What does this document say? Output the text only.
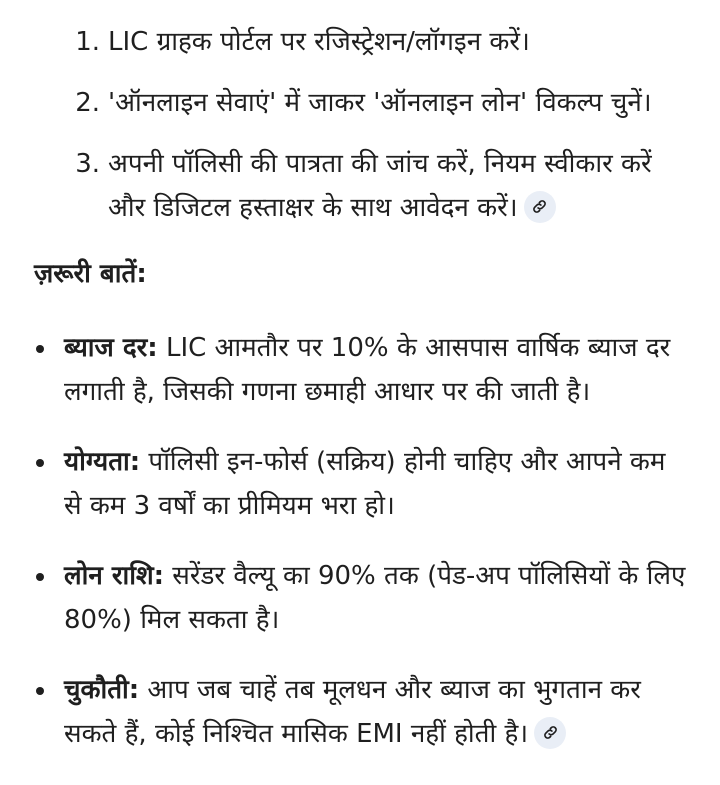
1. LIC ग्राहक पोर्टल पर रजिस्ट्रेशन/लॉगइन करें।
2. 'ऑनलाइन सेवाएं' में जाकर 'ऑनलाइन लोन' विकल्प चुनें।
3. अपनी पॉलिसी की पात्रता की जांच करें, नियम स्वीकार करें और डिजिटल हस्ताक्षर के साथ आवेदन करें।
ज़रूरी बातें:
ब्याज दर: LIC आमतौर पर 10% के आसपास वार्षिक ब्याज दर लगाती है, जिसकी गणना छमाही आधार पर की जाती है।
योग्यता: पॉलिसी इन-फोर्स (सक्रिय) होनी चाहिए और आपने कम से कम 3 वर्षों का प्रीमियम भरा हो।
लोन राशि: सरेंडर वैल्यू का 90% तक (पेड-अप पॉलिसियों के लिए 80%) मिल सकता है।
चुकौती: आप जब चाहें तब मूलधन और ब्याज का भुगतान कर सकते हैं, कोई निश्चित मासिक EMI नहीं होती है।
